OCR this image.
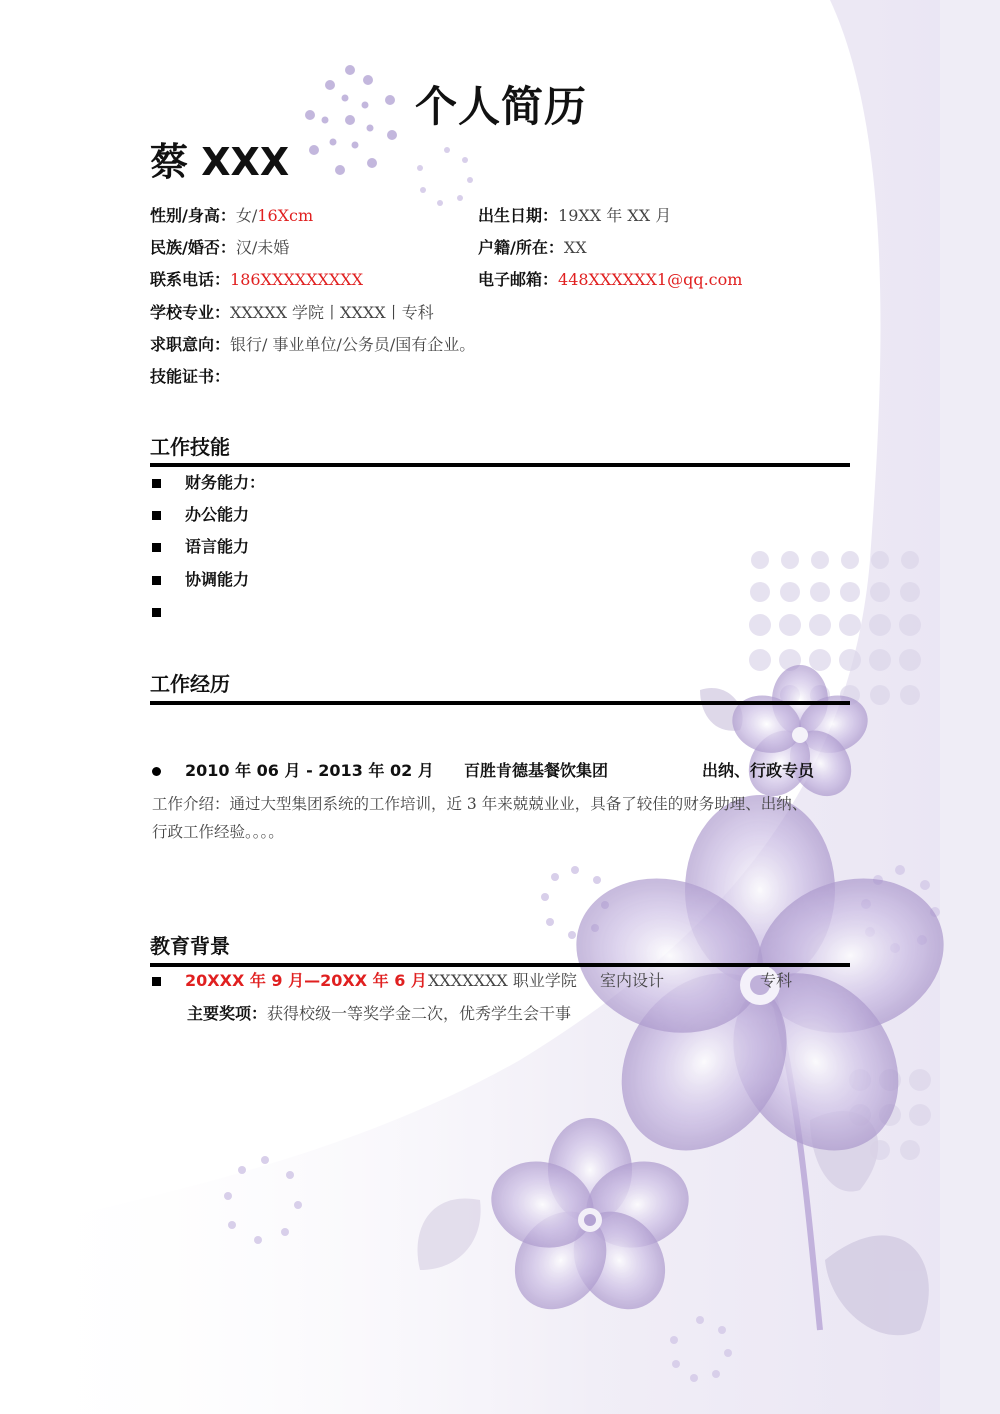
个人简历
蔡 XXX
性别/身高：女/16Xcm
民族/婚否：汉/未婚
联系电话：186XXXXXXXXX
学校专业：XXXXX 学院丨XXXX丨专科
求职意向：银行/ 事业单位/公务员/国有企业。
技能证书：
出生日期：19XX 年 XX 月
户籍/所在：XX
电子邮箱：448XXXXXX1@qq.com
工作技能
财务能力：
办公能力
语言能力
协调能力
工作经历
2010 年 06 月 - 2013 年 02 月 百胜肯德基餐饮集团	出纳、行政专员
工作介绍：通过大型集团系统的工作培训，近 3 年来兢兢业业，具备了较佳的财务助理、出纳、
行政工作经验。。。。
教育背景
20XXX 年 9 月—20XX 年 6 月 XXXXXXX 职业学院 室内设计	专科
主要奖项：获得校级一等奖学金二次，优秀学生会干事
